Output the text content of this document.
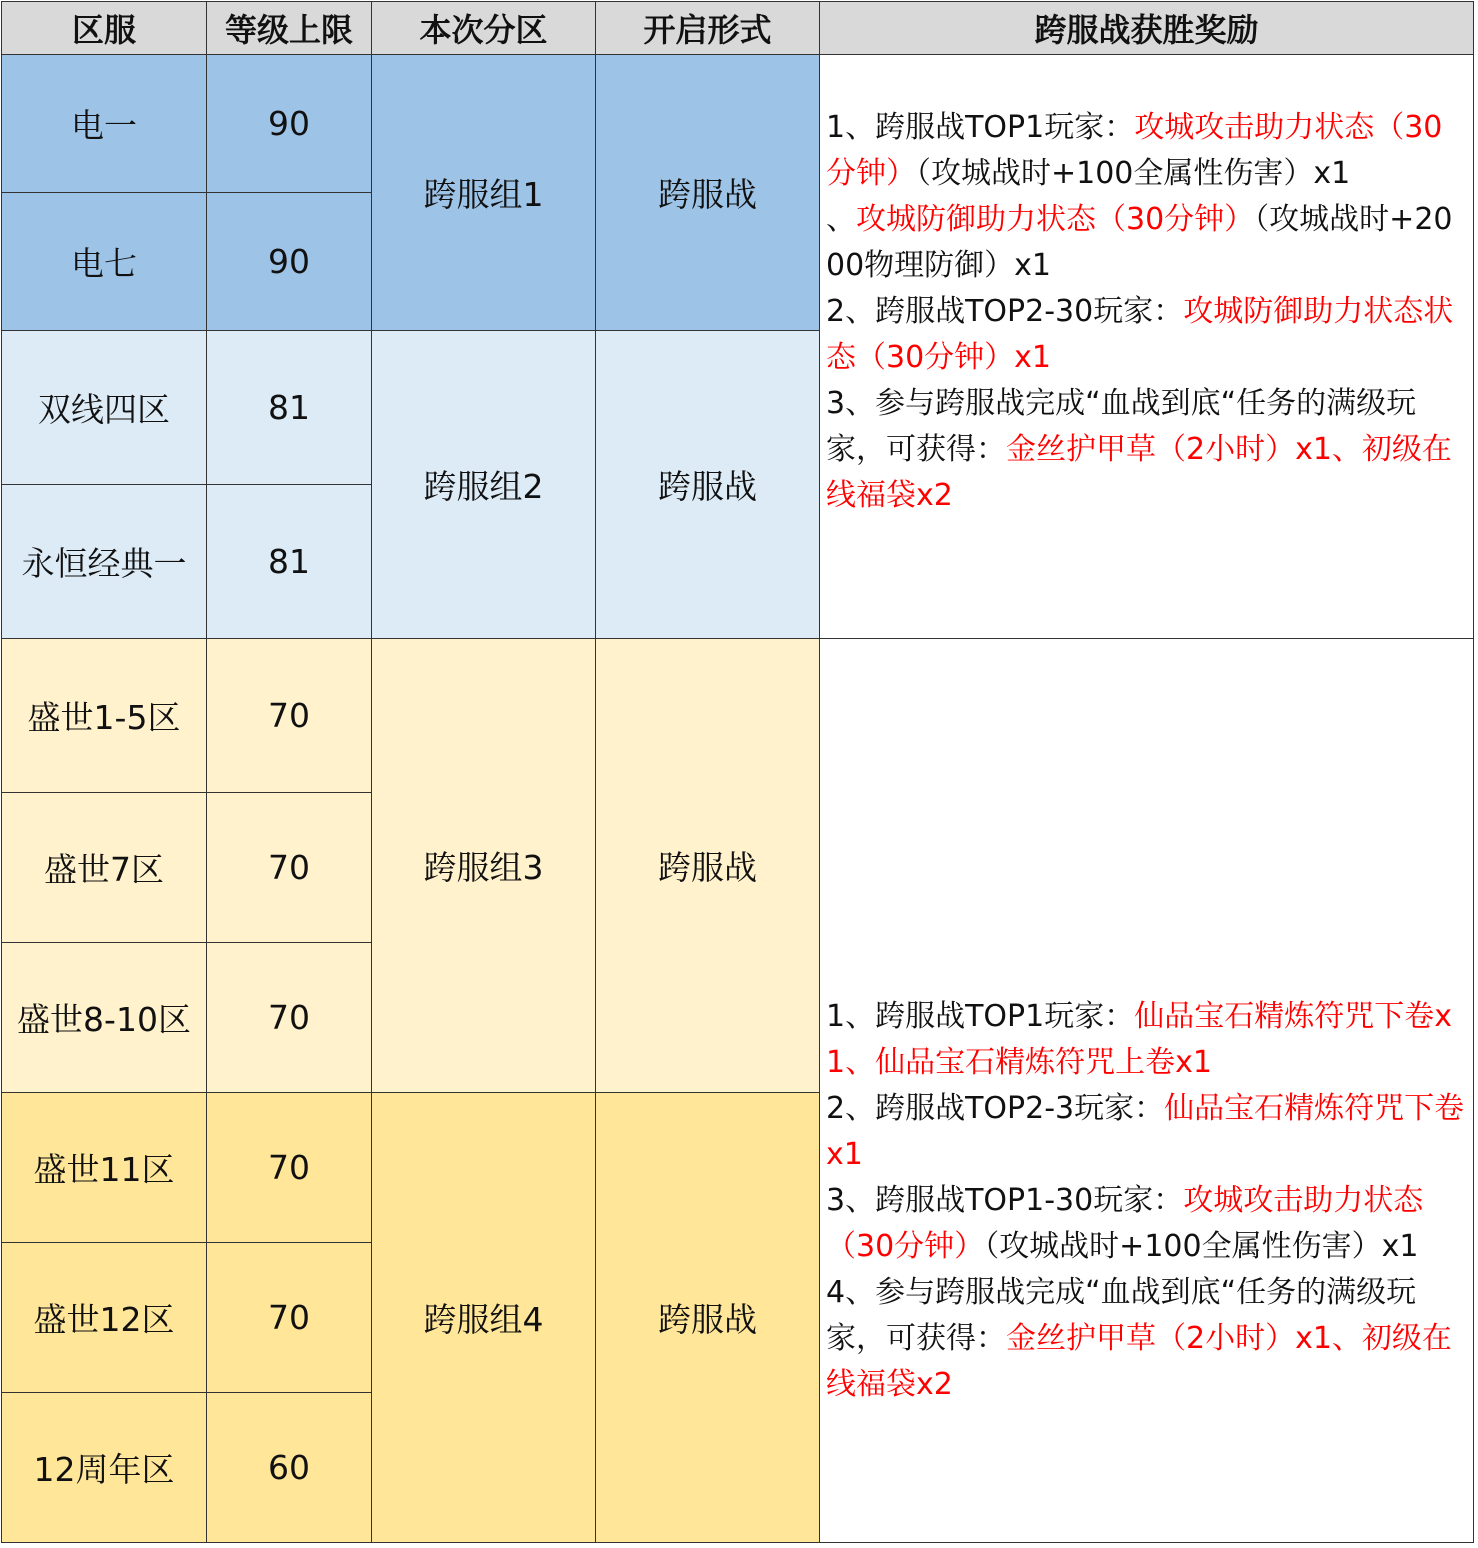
区服	等级上限	本次分区	开启形式	跨服战获胜奖励
电一	90	跨服组1	跨服战	1、跨服战TOP1玩家：攻城攻击助力状态（30分钟）（攻城战时+100全属性伤害）x1
、攻城防御助力状态（30分钟）（攻城战时+2000物理防御）x1
2、跨服战TOP2-30玩家：攻城防御助力状态状态（30分钟）x1
3、参与跨服战完成“血战到底“任务的满级玩家，可获得：金丝护甲草（2小时）x1、初级在线福袋x2

电七	90			
双线四区	81	跨服组2	跨服战	
永恒经典一	81			
盛世1-5区	70	跨服组3	跨服战	1、跨服战TOP1玩家：仙品宝石精炼符咒下卷x1、仙品宝石精炼符咒上卷x1
2、跨服战TOP2-3玩家：仙品宝石精炼符咒下卷x1
3、跨服战TOP1-30玩家：攻城攻击助力状态（30分钟）（攻城战时+100全属性伤害）x1
4、参与跨服战完成“血战到底“任务的满级玩家，可获得：金丝护甲草（2小时）x1、初级在线福袋x2

盛世7区	70			
盛世8-10区	70			
盛世11区	70	跨服组4	跨服战	
盛世12区	70			
12周年区	60			
